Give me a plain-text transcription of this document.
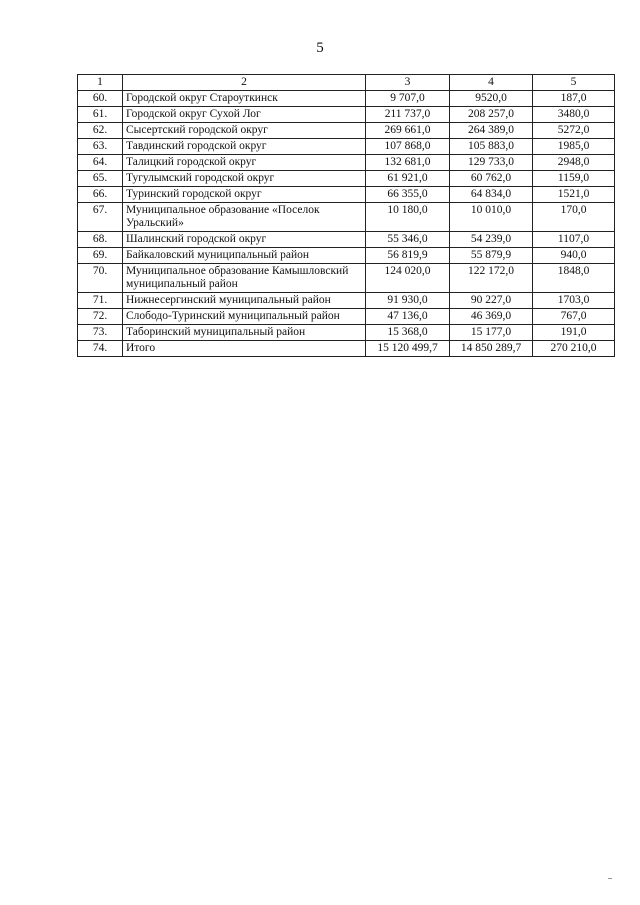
5
1	2	3	4	5
60.	Городской округ Староуткинск	9 707,0	9520,0	187,0
61.	Городской округ Сухой Лог	211 737,0	208 257,0	3480,0
62.	Сысертский городской округ	269 661,0	264 389,0	5272,0
63.	Тавдинский городской округ	107 868,0	105 883,0	1985,0
64.	Талицкий городской округ	132 681,0	129 733,0	2948,0
65.	Тугулымский городской округ	61 921,0	60 762,0	1159,0
66.	Туринский городской округ	66 355,0	64 834,0	1521,0
67.	Муниципальное образование «Поселок Уральский»	10 180,0	10 010,0	170,0
68.	Шалинский городской округ	55 346,0	54 239,0	1107,0
69.	Байкаловский муниципальный район	56 819,9	55 879,9	940,0
70.	Муниципальное образование Камышловский муниципальный район	124 020,0	122 172,0	1848,0
71.	Нижнесергинский муниципальный район	91 930,0	90 227,0	1703,0
72.	Слободо-Туринский муниципальный район	47 136,0	46 369,0	767,0
73.	Таборинский муниципальный район	15 368,0	15 177,0	191,0
74.	Итого	15 120 499,7	14 850 289,7	270 210,0
